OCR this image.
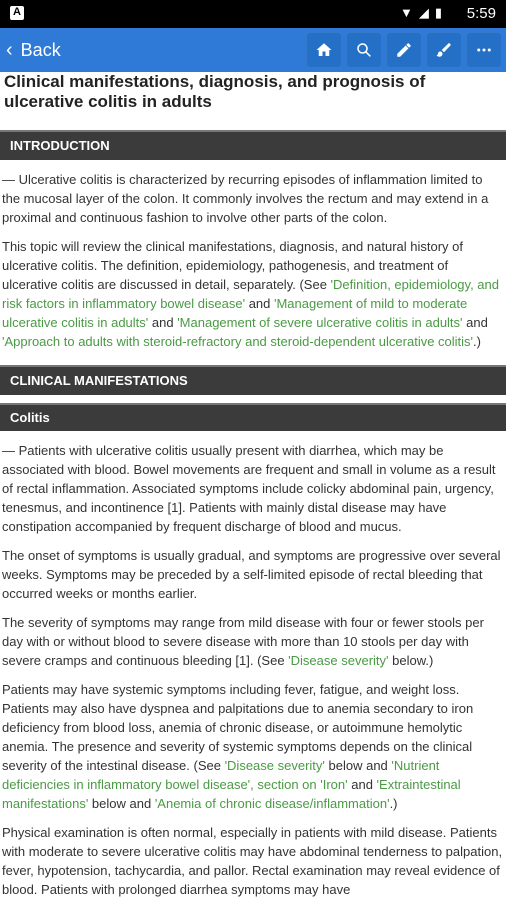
A
▼◢▮ 5:59
‹ Back
Clinical manifestations, diagnosis, and prognosis of ulcerative colitis in adults
INTRODUCTION

— Ulcerative colitis is characterized by recurring episodes of inflammation limited to the mucosal layer of the colon. It commonly involves the rectum and may extend in a proximal and continuous fashion to involve other parts of the colon.

This topic will review the clinical manifestations, diagnosis, and natural history of ulcerative colitis. The definition, epidemiology, pathogenesis, and treatment of ulcerative colitis are discussed in detail, separately. (See 'Definition, epidemiology, and risk factors in inflammatory bowel disease' and 'Management of mild to moderate ulcerative colitis in adults' and 'Management of severe ulcerative colitis in adults' and 'Approach to adults with steroid-refractory and steroid-dependent ulcerative colitis'.)

CLINICAL MANIFESTATIONS
Colitis

— Patients with ulcerative colitis usually present with diarrhea, which may be associated with blood. Bowel movements are frequent and small in volume as a result of rectal inflammation. Associated symptoms include colicky abdominal pain, urgency, tenesmus, and incontinence [1]. Patients with mainly distal disease may have constipation accompanied by frequent discharge of blood and mucus.

The onset of symptoms is usually gradual, and symptoms are progressive over several weeks. Symptoms may be preceded by a self-limited episode of rectal bleeding that occurred weeks or months earlier.

The severity of symptoms may range from mild disease with four or fewer stools per day with or without blood to severe disease with more than 10 stools per day with severe cramps and continuous bleeding [1]. (See 'Disease severity' below.)

Patients may have systemic symptoms including fever, fatigue, and weight loss. Patients may also have dyspnea and palpitations due to anemia secondary to iron deficiency from blood loss, anemia of chronic disease, or autoimmune hemolytic anemia. The presence and severity of systemic symptoms depends on the clinical severity of the intestinal disease. (See 'Disease severity' below and 'Nutrient deficiencies in inflammatory bowel disease', section on 'Iron' and 'Extraintestinal manifestations' below and 'Anemia of chronic disease/inflammation'.)

Physical examination is often normal, especially in patients with mild disease. Patients with moderate to severe ulcerative colitis may have abdominal tenderness to palpation, fever, hypotension, tachycardia, and pallor. Rectal examination may reveal evidence of blood. Patients with prolonged diarrhea symptoms may have
